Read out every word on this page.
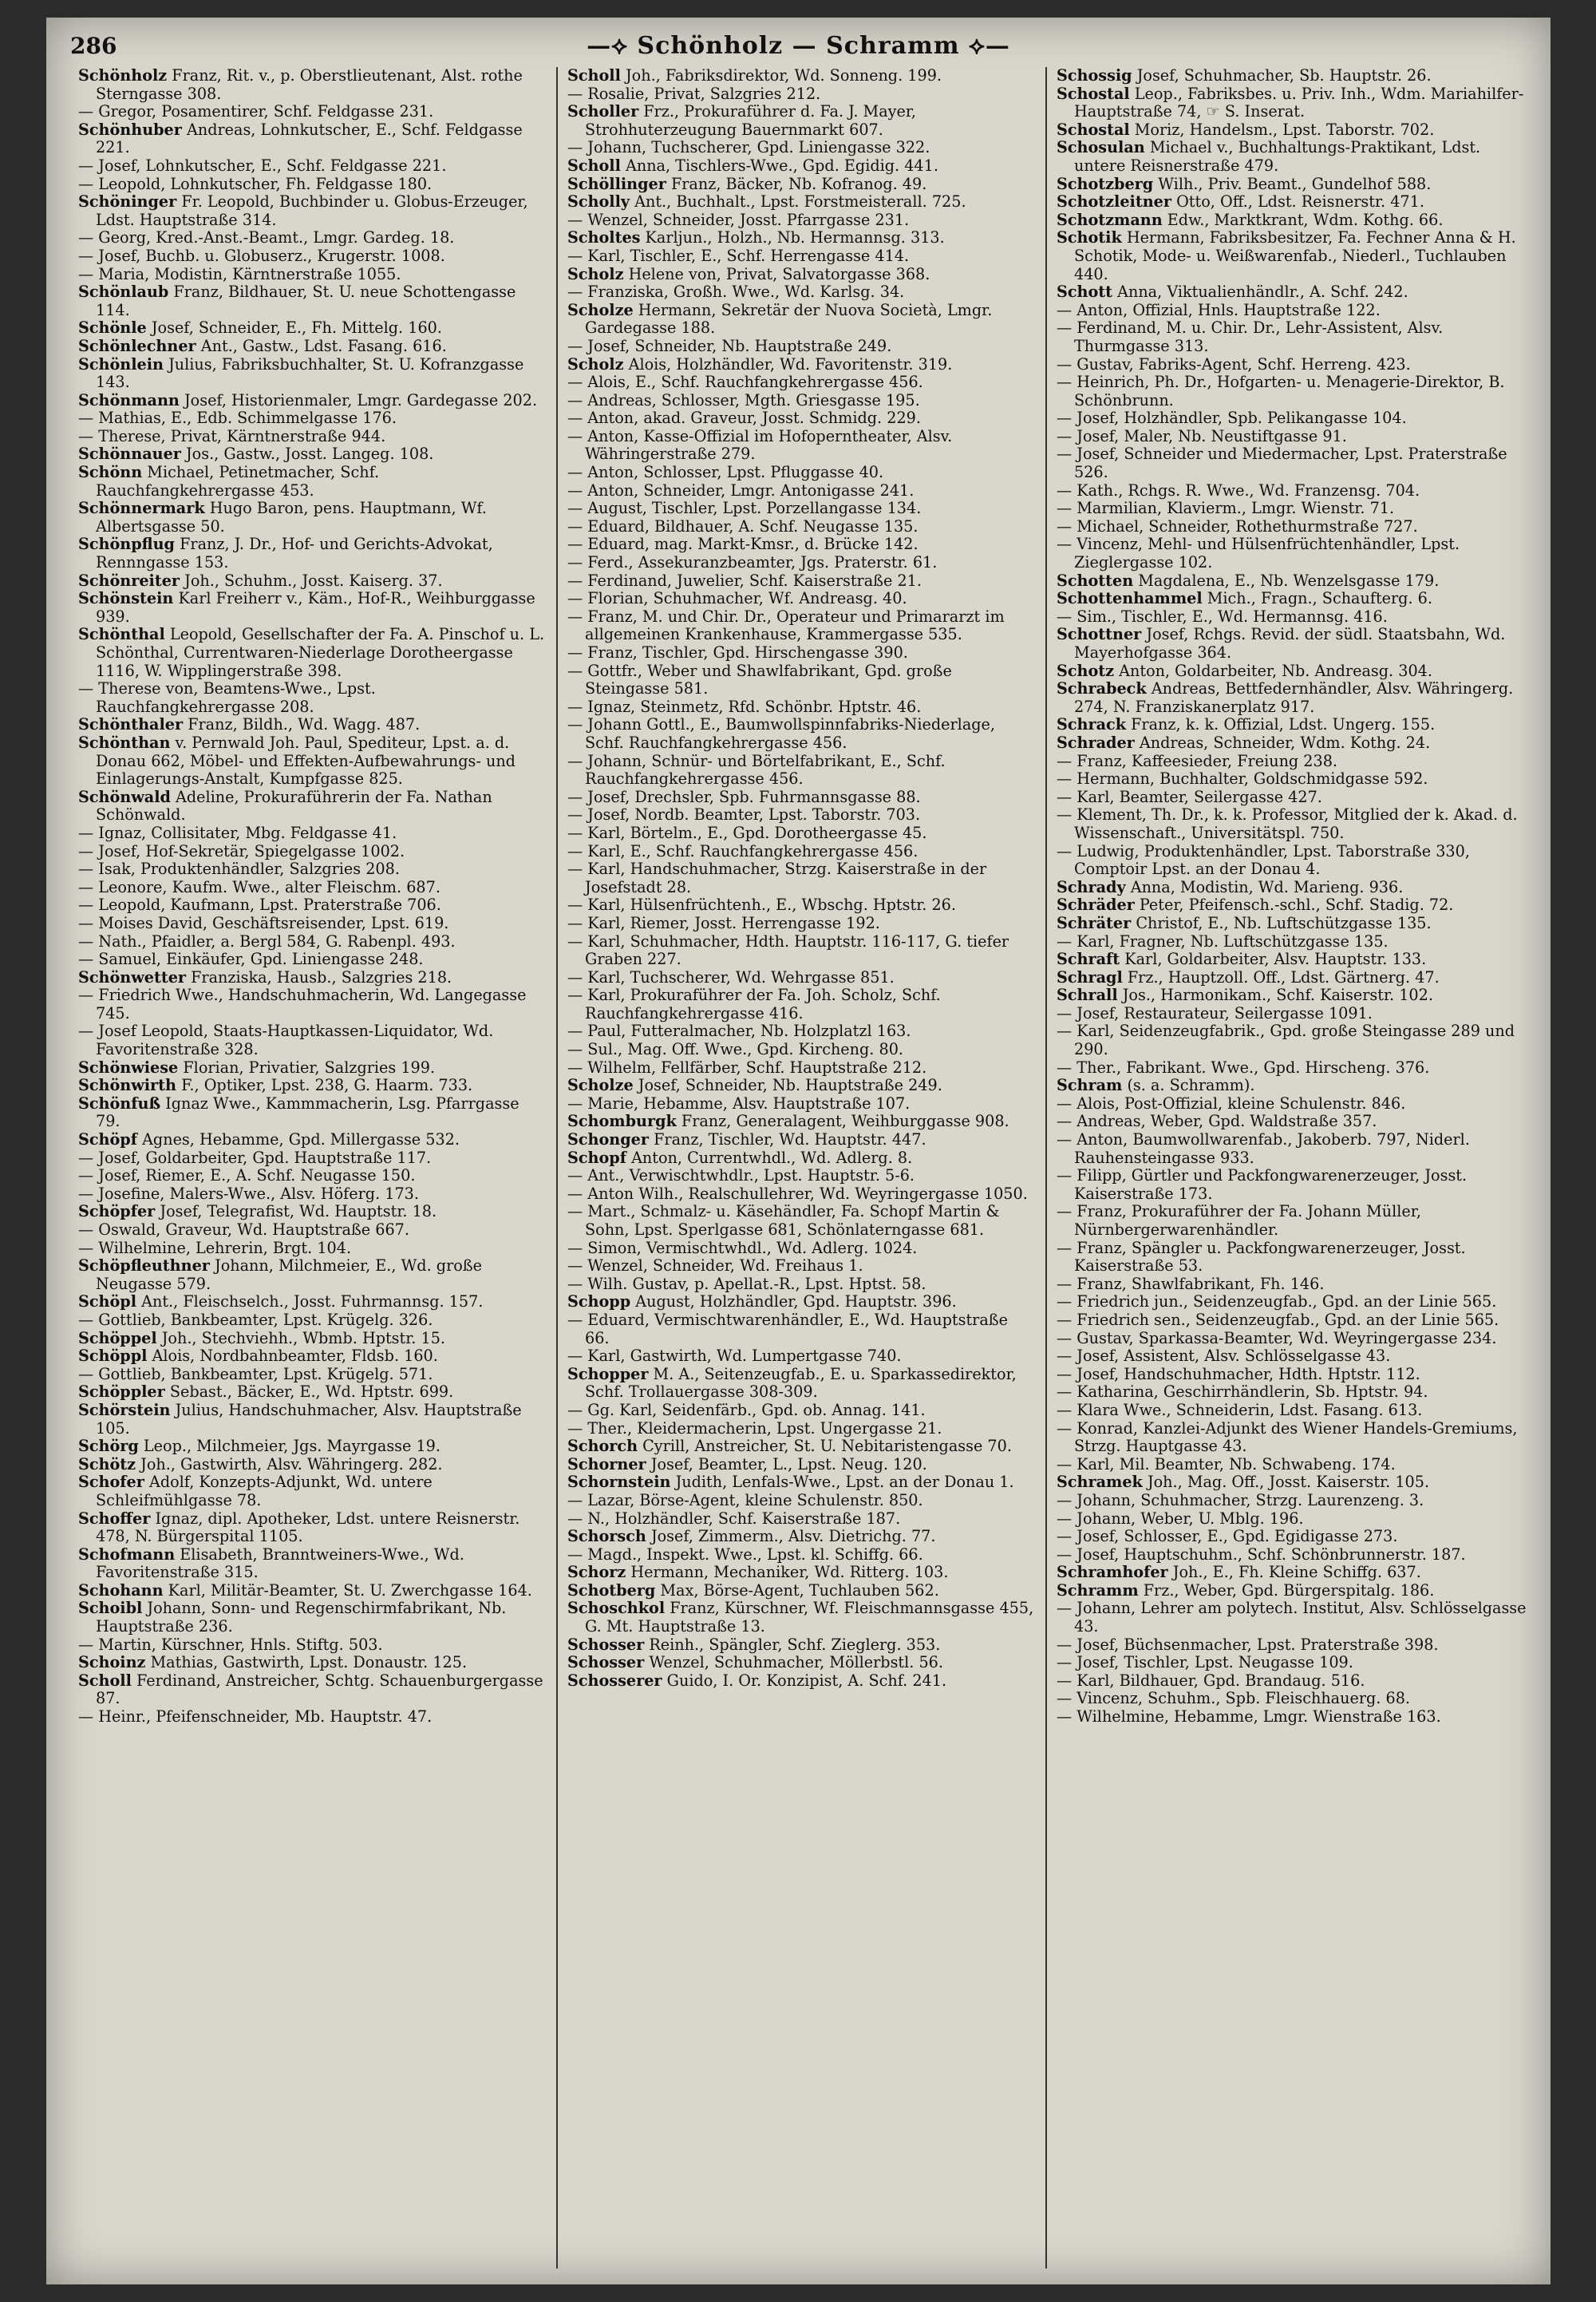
286	—⟡ Schönholz — Schramm ⟡—

Schönholz Franz, Rit. v., p. Oberstlieutenant, Alst. rothe Sterngasse 308.

— Gregor, Posamentirer, Schf. Feldgasse 231.

Schönhuber Andreas, Lohnkutscher, E., Schf. Feldgasse 221.

— Josef, Lohnkutscher, E., Schf. Feldgasse 221.

— Leopold, Lohnkutscher, Fh. Feldgasse 180.

Schöninger Fr. Leopold, Buchbinder u. Globus-Erzeuger, Ldst. Hauptstraße 314.

— Georg, Kred.-Anst.-Beamt., Lmgr. Gardeg. 18.

— Josef, Buchb. u. Globuserz., Krugerstr. 1008.

— Maria, Modistin, Kärntnerstraße 1055.

Schönlaub Franz, Bildhauer, St. U. neue Schottengasse 114.

Schönle Josef, Schneider, E., Fh. Mittelg. 160.

Schönlechner Ant., Gastw., Ldst. Fasang. 616.

Schönlein Julius, Fabriksbuchhalter, St. U. Kofranzgasse 143.

Schönmann Josef, Historienmaler, Lmgr. Gardegasse 202.

— Mathias, E., Edb. Schimmelgasse 176.

— Therese, Privat, Kärntnerstraße 944.

Schönnauer Jos., Gastw., Josst. Langeg. 108.

Schönn Michael, Petinetmacher, Schf. Rauchfangkehrergasse 453.

Schönnermark Hugo Baron, pens. Hauptmann, Wf. Albertsgasse 50.

Schönpflug Franz, J. Dr., Hof- und Gerichts-Advokat, Rennngasse 153.

Schönreiter Joh., Schuhm., Josst. Kaiserg. 37.

Schönstein Karl Freiherr v., Käm., Hof-R., Weihburggasse 939.

Schönthal Leopold, Gesellschafter der Fa. A. Pinschof u. L. Schönthal, Currentwaren-Niederlage Dorotheergasse 1116, W. Wipplingerstraße 398.

— Therese von, Beamtens-Wwe., Lpst. Rauchfangkehrergasse 208.

Schönthaler Franz, Bildh., Wd. Wagg. 487.

Schönthan v. Pernwald Joh. Paul, Spediteur, Lpst. a. d. Donau 662, Möbel- und Effekten-Aufbewahrungs- und Einlagerungs-Anstalt, Kumpfgasse 825.

Schönwald Adeline, Prokuraführerin der Fa. Nathan Schönwald.

— Ignaz, Collisitater, Mbg. Feldgasse 41.

— Josef, Hof-Sekretär, Spiegelgasse 1002.

— Isak, Produktenhändler, Salzgries 208.

— Leonore, Kaufm. Wwe., alter Fleischm. 687.

— Leopold, Kaufmann, Lpst. Praterstraße 706.

— Moises David, Geschäftsreisender, Lpst. 619.

— Nath., Pfaidler, a. Bergl 584, G. Rabenpl. 493.

— Samuel, Einkäufer, Gpd. Liniengasse 248.

Schönwetter Franziska, Hausb., Salzgries 218.

— Friedrich Wwe., Handschuhmacherin, Wd. Langegasse 745.

— Josef Leopold, Staats-Hauptkassen-Liquidator, Wd. Favoritenstraße 328.

Schönwiese Florian, Privatier, Salzgries 199.

Schönwirth F., Optiker, Lpst. 238, G. Haarm. 733.

Schönfuß Ignaz Wwe., Kammmacherin, Lsg. Pfarrgasse 79.

Schöpf Agnes, Hebamme, Gpd. Millergasse 532.

— Josef, Goldarbeiter, Gpd. Hauptstraße 117.

— Josef, Riemer, E., A. Schf. Neugasse 150.

— Josefine, Malers-Wwe., Alsv. Höferg. 173.

Schöpfer Josef, Telegrafist, Wd. Hauptstr. 18.

— Oswald, Graveur, Wd. Hauptstraße 667.

— Wilhelmine, Lehrerin, Brgt. 104.

Schöpfleuthner Johann, Milchmeier, E., Wd. große Neugasse 579.

Schöpl Ant., Fleischselch., Josst. Fuhrmannsg. 157.

— Gottlieb, Bankbeamter, Lpst. Krügelg. 326.

Schöppel Joh., Stechviehh., Wbmb. Hptstr. 15.

Schöppl Alois, Nordbahnbeamter, Fldsb. 160.

— Gottlieb, Bankbeamter, Lpst. Krügelg. 571.

Schöppler Sebast., Bäcker, E., Wd. Hptstr. 699.

Schörstein Julius, Handschuhmacher, Alsv. Hauptstraße 105.

Schörg Leop., Milchmeier, Jgs. Mayrgasse 19.

Schötz Joh., Gastwirth, Alsv. Währingerg. 282.

Schofer Adolf, Konzepts-Adjunkt, Wd. untere Schleifmühlgasse 78.

Schoffer Ignaz, dipl. Apotheker, Ldst. untere Reisnerstr. 478, N. Bürgerspital 1105.

Schofmann Elisabeth, Branntweiners-Wwe., Wd. Favoritenstraße 315.

Schohann Karl, Militär-Beamter, St. U. Zwerchgasse 164.

Schoibl Johann, Sonn- und Regenschirmfabrikant, Nb. Hauptstraße 236.

— Martin, Kürschner, Hnls. Stiftg. 503.

Schoinz Mathias, Gastwirth, Lpst. Donaustr. 125.

Scholl Ferdinand, Anstreicher, Schtg. Schauenburgergasse 87.

— Heinr., Pfeifenschneider, Mb. Hauptstr. 47.

Scholl Joh., Fabriksdirektor, Wd. Sonneng. 199.

— Rosalie, Privat, Salzgries 212.

Scholler Frz., Prokuraführer d. Fa. J. Mayer, Strohhuterzeugung Bauernmarkt 607.

— Johann, Tuchscherer, Gpd. Liniengasse 322.

Scholl Anna, Tischlers-Wwe., Gpd. Egidig. 441.

Schöllinger Franz, Bäcker, Nb. Kofranog. 49.

Scholly Ant., Buchhalt., Lpst. Forstmeisterall. 725.

— Wenzel, Schneider, Josst. Pfarrgasse 231.

Scholtes Karljun., Holzh., Nb. Hermannsg. 313.

— Karl, Tischler, E., Schf. Herrengasse 414.

Scholz Helene von, Privat, Salvatorgasse 368.

— Franziska, Großh. Wwe., Wd. Karlsg. 34.

Scholze Hermann, Sekretär der Nuova Società, Lmgr. Gardegasse 188.

— Josef, Schneider, Nb. Hauptstraße 249.

Scholz Alois, Holzhändler, Wd. Favoritenstr. 319.

— Alois, E., Schf. Rauchfangkehrergasse 456.

— Andreas, Schlosser, Mgth. Griesgasse 195.

— Anton, akad. Graveur, Josst. Schmidg. 229.

— Anton, Kasse-Offizial im Hofoperntheater, Alsv. Währingerstraße 279.

— Anton, Schlosser, Lpst. Pfluggasse 40.

— Anton, Schneider, Lmgr. Antonigasse 241.

— August, Tischler, Lpst. Porzellangasse 134.

— Eduard, Bildhauer, A. Schf. Neugasse 135.

— Eduard, mag. Markt-Kmsr., d. Brücke 142.

— Ferd., Assekuranzbeamter, Jgs. Praterstr. 61.

— Ferdinand, Juwelier, Schf. Kaiserstraße 21.

— Florian, Schuhmacher, Wf. Andreasg. 40.

— Franz, M. und Chir. Dr., Operateur und Primararzt im allgemeinen Krankenhause, Krammergasse 535.

— Franz, Tischler, Gpd. Hirschengasse 390.

— Gottfr., Weber und Shawlfabrikant, Gpd. große Steingasse 581.

— Ignaz, Steinmetz, Rfd. Schönbr. Hptstr. 46.

— Johann Gottl., E., Baumwollspinnfabriks-Niederlage, Schf. Rauchfangkehrergasse 456.

— Johann, Schnür- und Börtelfabrikant, E., Schf. Rauchfangkehrergasse 456.

— Josef, Drechsler, Spb. Fuhrmannsgasse 88.

— Josef, Nordb. Beamter, Lpst. Taborstr. 703.

— Karl, Börtelm., E., Gpd. Dorotheergasse 45.

— Karl, E., Schf. Rauchfangkehrergasse 456.

— Karl, Handschuhmacher, Strzg. Kaiserstraße in der Josefstadt 28.

— Karl, Hülsenfrüchtenh., E., Wbschg. Hptstr. 26.

— Karl, Riemer, Josst. Herrengasse 192.

— Karl, Schuhmacher, Hdth. Hauptstr. 116-117, G. tiefer Graben 227.

— Karl, Tuchscherer, Wd. Wehrgasse 851.

— Karl, Prokuraführer der Fa. Joh. Scholz, Schf. Rauchfangkehrergasse 416.

— Paul, Futteralmacher, Nb. Holzplatzl 163.

— Sul., Mag. Off. Wwe., Gpd. Kircheng. 80.

— Wilhelm, Fellfärber, Schf. Hauptstraße 212.

Scholze Josef, Schneider, Nb. Hauptstraße 249.

— Marie, Hebamme, Alsv. Hauptstraße 107.

Schomburgk Franz, Generalagent, Weihburggasse 908.

Schonger Franz, Tischler, Wd. Hauptstr. 447.

Schopf Anton, Currentwhdl., Wd. Adlerg. 8.

— Ant., Verwischtwhdlr., Lpst. Hauptstr. 5-6.

— Anton Wilh., Realschullehrer, Wd. Weyringergasse 1050.

— Mart., Schmalz- u. Käsehändler, Fa. Schopf Martin & Sohn, Lpst. Sperlgasse 681, Schönlaterngasse 681.

— Simon, Vermischtwhdl., Wd. Adlerg. 1024.

— Wenzel, Schneider, Wd. Freihaus 1.

— Wilh. Gustav, p. Apellat.-R., Lpst. Hptst. 58.

Schopp August, Holzhändler, Gpd. Hauptstr. 396.

— Eduard, Vermischtwarenhändler, E., Wd. Hauptstraße 66.

— Karl, Gastwirth, Wd. Lumpertgasse 740.

Schopper M. A., Seitenzeugfab., E. u. Sparkassedirektor, Schf. Trollauergasse 308-309.

— Gg. Karl, Seidenfärb., Gpd. ob. Annag. 141.

— Ther., Kleidermacherin, Lpst. Ungergasse 21.

Schorch Cyrill, Anstreicher, St. U. Nebitaristengasse 70.

Schorner Josef, Beamter, L., Lpst. Neug. 120.

Schornstein Judith, Lenfals-Wwe., Lpst. an der Donau 1.

— Lazar, Börse-Agent, kleine Schulenstr. 850.

— N., Holzhändler, Schf. Kaiserstraße 187.

Schorsch Josef, Zimmerm., Alsv. Dietrichg. 77.

— Magd., Inspekt. Wwe., Lpst. kl. Schiffg. 66.

Schorz Hermann, Mechaniker, Wd. Ritterg. 103.

Schotberg Max, Börse-Agent, Tuchlauben 562.

Schoschkol Franz, Kürschner, Wf. Fleischmannsgasse 455, G. Mt. Hauptstraße 13.

Schosser Reinh., Spängler, Schf. Zieglerg. 353.

Schosser Wenzel, Schuhmacher, Möllerbstl. 56.

Schosserer Guido, I. Or. Konzipist, A. Schf. 241.

Schossig Josef, Schuhmacher, Sb. Hauptstr. 26.

Schostal Leop., Fabriksbes. u. Priv. Inh., Wdm. Mariahilfer-Hauptstraße 74, ☞ S. Inserat.

Schostal Moriz, Handelsm., Lpst. Taborstr. 702.

Schosulan Michael v., Buchhaltungs-Praktikant, Ldst. untere Reisnerstraße 479.

Schotzberg Wilh., Priv. Beamt., Gundelhof 588.

Schotzleitner Otto, Off., Ldst. Reisnerstr. 471.

Schotzmann Edw., Marktkrant, Wdm. Kothg. 66.

Schotik Hermann, Fabriksbesitzer, Fa. Fechner Anna & H. Schotik, Mode- u. Weißwarenfab., Niederl., Tuchlauben 440.

Schott Anna, Viktualienhändlr., A. Schf. 242.

— Anton, Offizial, Hnls. Hauptstraße 122.

— Ferdinand, M. u. Chir. Dr., Lehr-Assistent, Alsv. Thurmgasse 313.

— Gustav, Fabriks-Agent, Schf. Herreng. 423.

— Heinrich, Ph. Dr., Hofgarten- u. Menagerie-Direktor, B. Schönbrunn.

— Josef, Holzhändler, Spb. Pelikangasse 104.

— Josef, Maler, Nb. Neustiftgasse 91.

— Josef, Schneider und Miedermacher, Lpst. Praterstraße 526.

— Kath., Rchgs. R. Wwe., Wd. Franzensg. 704.

— Marmilian, Klavierm., Lmgr. Wienstr. 71.

— Michael, Schneider, Rothethurmstraße 727.

— Vincenz, Mehl- und Hülsenfrüchtenhändler, Lpst. Zieglergasse 102.

Schotten Magdalena, E., Nb. Wenzelsgasse 179.

Schottenhammel Mich., Fragn., Schaufterg. 6.

— Sim., Tischler, E., Wd. Hermannsg. 416.

Schottner Josef, Rchgs. Revid. der südl. Staatsbahn, Wd. Mayerhofgasse 364.

Schotz Anton, Goldarbeiter, Nb. Andreasg. 304.

Schrabeck Andreas, Bettfedernhändler, Alsv. Währingerg. 274, N. Franziskanerplatz 917.

Schrack Franz, k. k. Offizial, Ldst. Ungerg. 155.

Schrader Andreas, Schneider, Wdm. Kothg. 24.

— Franz, Kaffeesieder, Freiung 238.

— Hermann, Buchhalter, Goldschmidgasse 592.

— Karl, Beamter, Seilergasse 427.

— Klement, Th. Dr., k. k. Professor, Mitglied der k. Akad. d. Wissenschaft., Universitätspl. 750.

— Ludwig, Produktenhändler, Lpst. Taborstraße 330, Comptoir Lpst. an der Donau 4.

Schrady Anna, Modistin, Wd. Marieng. 936.

Schräder Peter, Pfeifensch.-schl., Schf. Stadig. 72.

Schräter Christof, E., Nb. Luftschützgasse 135.

— Karl, Fragner, Nb. Luftschützgasse 135.

Schraft Karl, Goldarbeiter, Alsv. Hauptstr. 133.

Schragl Frz., Hauptzoll. Off., Ldst. Gärtnerg. 47.

Schrall Jos., Harmonikam., Schf. Kaiserstr. 102.

— Josef, Restaurateur, Seilergasse 1091.

— Karl, Seidenzeugfabrik., Gpd. große Steingasse 289 und 290.

— Ther., Fabrikant. Wwe., Gpd. Hirscheng. 376.

Schram (s. a. Schramm).

— Alois, Post-Offizial, kleine Schulenstr. 846.

— Andreas, Weber, Gpd. Waldstraße 357.

— Anton, Baumwollwarenfab., Jakoberb. 797, Niderl. Rauhensteingasse 933.

— Filipp, Gürtler und Packfongwarenerzeuger, Josst. Kaiserstraße 173.

— Franz, Prokuraführer der Fa. Johann Müller, Nürnbergerwarenhändler.

— Franz, Spängler u. Packfongwarenerzeuger, Josst. Kaiserstraße 53.

— Franz, Shawlfabrikant, Fh. 146.

— Friedrich jun., Seidenzeugfab., Gpd. an der Linie 565.

— Friedrich sen., Seidenzeugfab., Gpd. an der Linie 565.

— Gustav, Sparkassa-Beamter, Wd. Weyringergasse 234.

— Josef, Assistent, Alsv. Schlösselgasse 43.

— Josef, Handschuhmacher, Hdth. Hptstr. 112.

— Katharina, Geschirrhändlerin, Sb. Hptstr. 94.

— Klara Wwe., Schneiderin, Ldst. Fasang. 613.

— Konrad, Kanzlei-Adjunkt des Wiener Handels-Gremiums, Strzg. Hauptgasse 43.

— Karl, Mil. Beamter, Nb. Schwabeng. 174.

Schramek Joh., Mag. Off., Josst. Kaiserstr. 105.

— Johann, Schuhmacher, Strzg. Laurenzeng. 3.

— Johann, Weber, U. Mblg. 196.

— Josef, Schlosser, E., Gpd. Egidigasse 273.

— Josef, Hauptschuhm., Schf. Schönbrunnerstr. 187.

Schramhofer Joh., E., Fh. Kleine Schiffg. 637.

Schramm Frz., Weber, Gpd. Bürgerspitalg. 186.

— Johann, Lehrer am polytech. Institut, Alsv. Schlösselgasse 43.

— Josef, Büchsenmacher, Lpst. Praterstraße 398.

— Josef, Tischler, Lpst. Neugasse 109.

— Karl, Bildhauer, Gpd. Brandaug. 516.

— Vincenz, Schuhm., Spb. Fleischhauerg. 68.

— Wilhelmine, Hebamme, Lmgr. Wienstraße 163.
